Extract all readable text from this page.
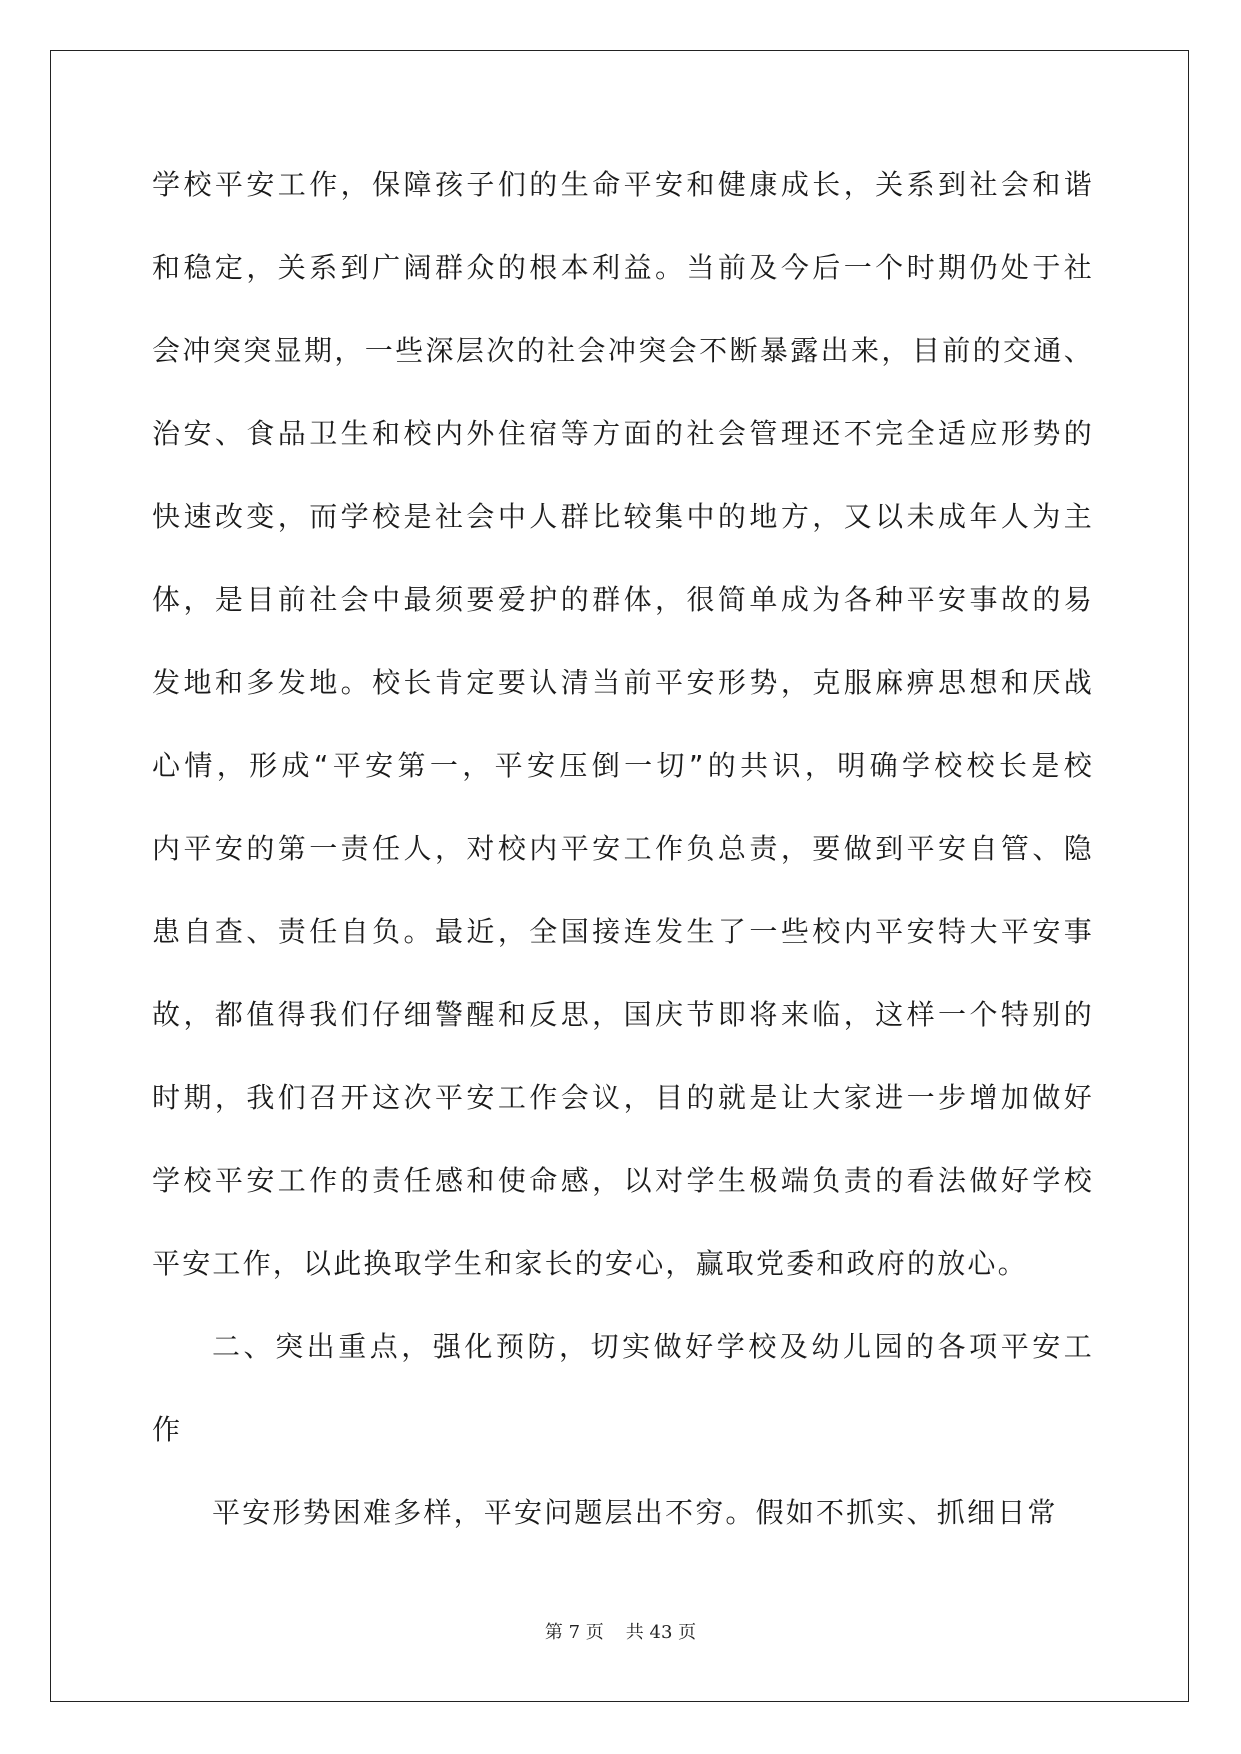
学校平安工作，保障孩子们的生命平安和健康成长，关系到社会和谐
和稳定，关系到广阔群众的根本利益。当前及今后一个时期仍处于社
会冲突突显期，一些深层次的社会冲突会不断暴露出来，目前的交通、
治安、食品卫生和校内外住宿等方面的社会管理还不完全适应形势的
快速改变，而学校是社会中人群比较集中的地方，又以未成年人为主
体，是目前社会中最须要爱护的群体，很简单成为各种平安事故的易
发地和多发地。校长肯定要认清当前平安形势，克服麻痹思想和厌战
心情，形成“平安第一，平安压倒一切”的共识，明确学校校长是校
内平安的第一责任人，对校内平安工作负总责，要做到平安自管、隐
患自查、责任自负。最近，全国接连发生了一些校内平安特大平安事
故，都值得我们仔细警醒和反思，国庆节即将来临，这样一个特别的
时期，我们召开这次平安工作会议，目的就是让大家进一步增加做好
学校平安工作的责任感和使命感，以对学生极端负责的看法做好学校
平安工作，以此换取学生和家长的安心，赢取党委和政府的放心。
二、突出重点，强化预防，切实做好学校及幼儿园的各项平安工
作
平安形势困难多样，平安问题层出不穷。假如不抓实、抓细日常
第 7 页 共 43 页
